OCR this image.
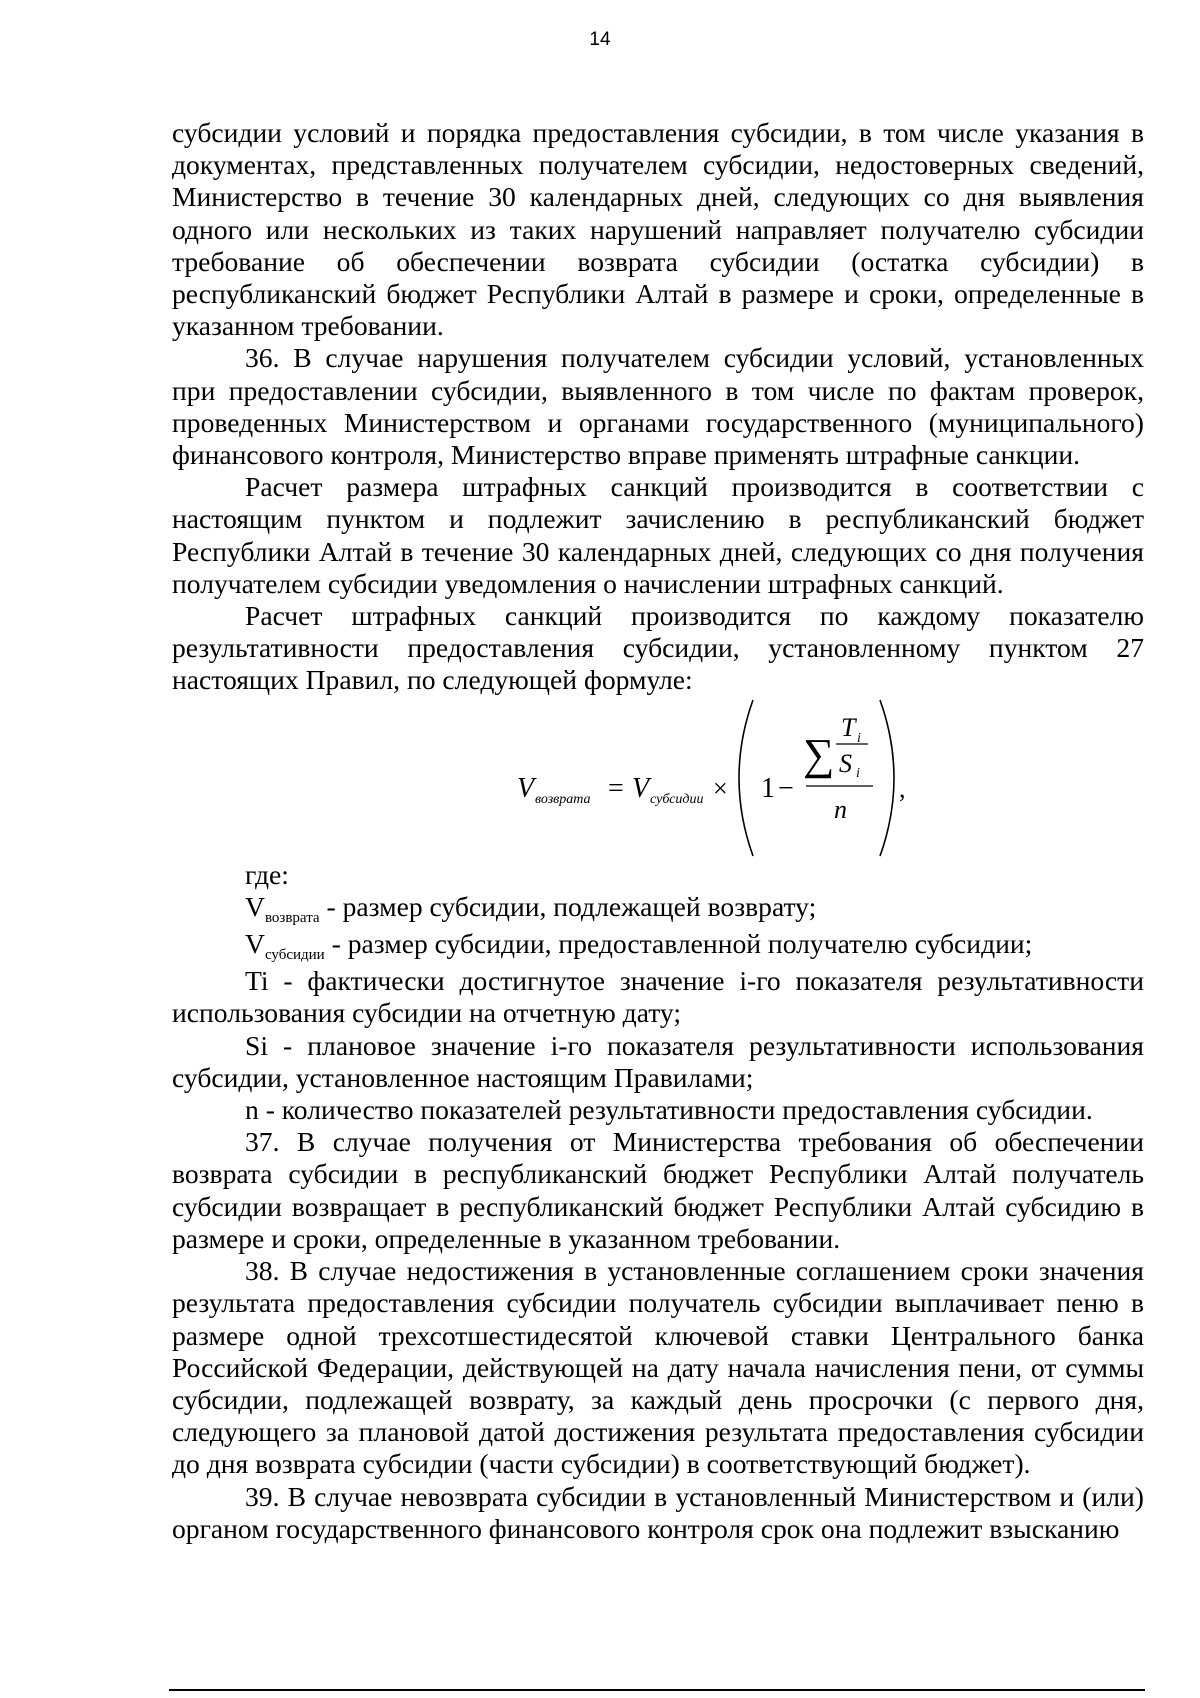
14

субсидии условий и порядка предоставления субсидии, в том числе указания в документах, представленных получателем субсидии, недостоверных сведений, Министерство в течение 30 календарных дней, следующих со дня выявления одного или нескольких из таких нарушений направляет получателю субсидии требование об обеспечении возврата субсидии (остатка субсидии) в республиканский бюджет Республики Алтай в размере и сроки, определенные в указанном требовании.

36. В случае нарушения получателем субсидии условий, установленных при предоставлении субсидии, выявленного в том числе по фактам проверок, проведенных Министерством и органами государственного (муниципального) финансового контроля, Министерство вправе применять штрафные санкции.

Расчет размера штрафных санкций производится в соответствии с настоящим пунктом и подлежит зачислению в республиканский бюджет Республики Алтай в течение 30 календарных дней, следующих со дня получения получателем субсидии уведомления о начислении штрафных санкций.

Расчет штрафных санкций производится по каждому показателю результативности предоставления субсидии, установленному пунктом 27 настоящих Правил, по следующей формуле:

V возврата = V субсидии × 1 −
∑
T i
S i
n
,

где:

$V_{возврата}$ - размер субсидии, подлежащей возврату;

$V_{субсидии}$ - размер субсидии, предоставленной получателю субсидии;

Ti - фактически достигнутое значение i-го показателя результативности использования субсидии на отчетную дату;

Si - плановое значение i-го показателя результативности использования субсидии, установленное настоящим Правилами;

n - количество показателей результативности предоставления субсидии.

37. В случае получения от Министерства требования об обеспечении возврата субсидии в республиканский бюджет Республики Алтай получатель субсидии возвращает в республиканский бюджет Республики Алтай субсидию в размере и сроки, определенные в указанном требовании.

38. В случае недостижения в установленные соглашением сроки значения результата предоставления субсидии получатель субсидии выплачивает пеню в размере одной трехсотшестидесятой ключевой ставки Центрального банка Российской Федерации, действующей на дату начала начисления пени, от суммы субсидии, подлежащей возврату, за каждый день просрочки (с первого дня, следующего за плановой датой достижения результата предоставления субсидии до дня возврата субсидии (части субсидии) в соответствующий бюджет).

39. В случае невозврата субсидии в установленный Министерством и (или) органом государственного финансового контроля срок она подлежит взысканию
